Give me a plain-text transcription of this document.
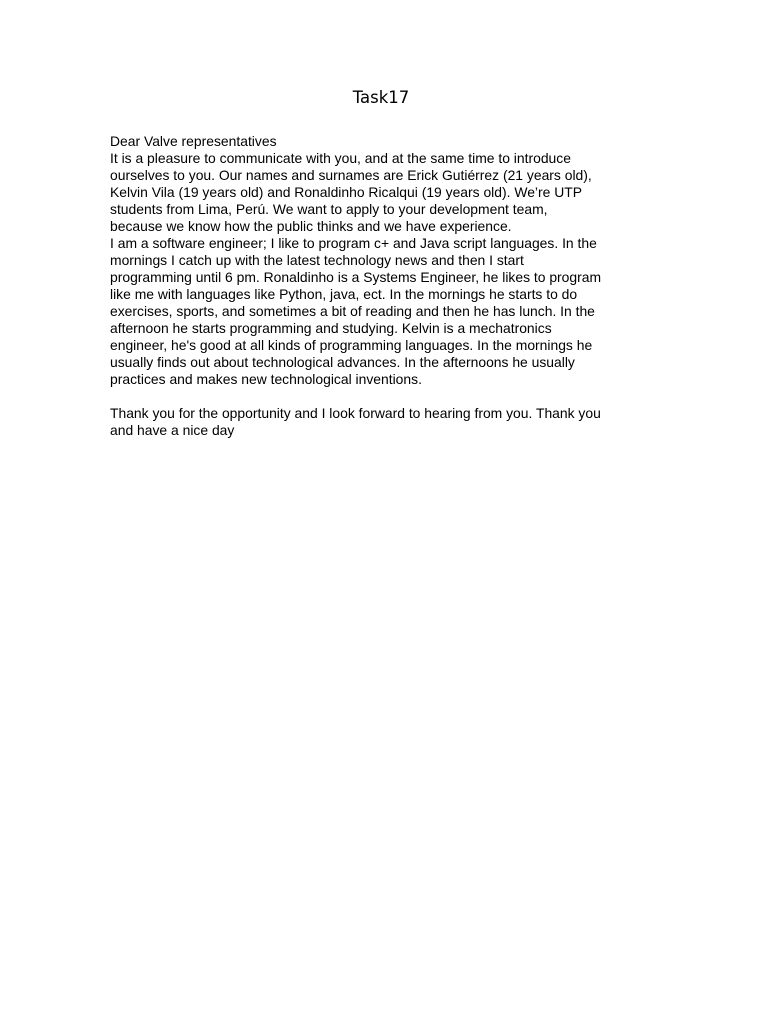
Task17
Dear Valve representatives
It is a pleasure to communicate with you, and at the same time to introduce
ourselves to you. Our names and surnames are Erick Gutiérrez (21 years old),
Kelvin Vila (19 years old) and Ronaldinho Ricalqui (19 years old). We’re UTP
students from Lima, Perú. We want to apply to your development team,
because we know how the public thinks and we have experience.
I am a software engineer; I like to program c+ and Java script languages. In the
mornings I catch up with the latest technology news and then I start
programming until 6 pm. Ronaldinho is a Systems Engineer, he likes to program
like me with languages like Python, java, ect. In the mornings he starts to do
exercises, sports, and sometimes a bit of reading and then he has lunch. In the
afternoon he starts programming and studying. Kelvin is a mechatronics
engineer, he's good at all kinds of programming languages. In the mornings he
usually finds out about technological advances. In the afternoons he usually
practices and makes new technological inventions.
Thank you for the opportunity and I look forward to hearing from you. Thank you
and have a nice day
